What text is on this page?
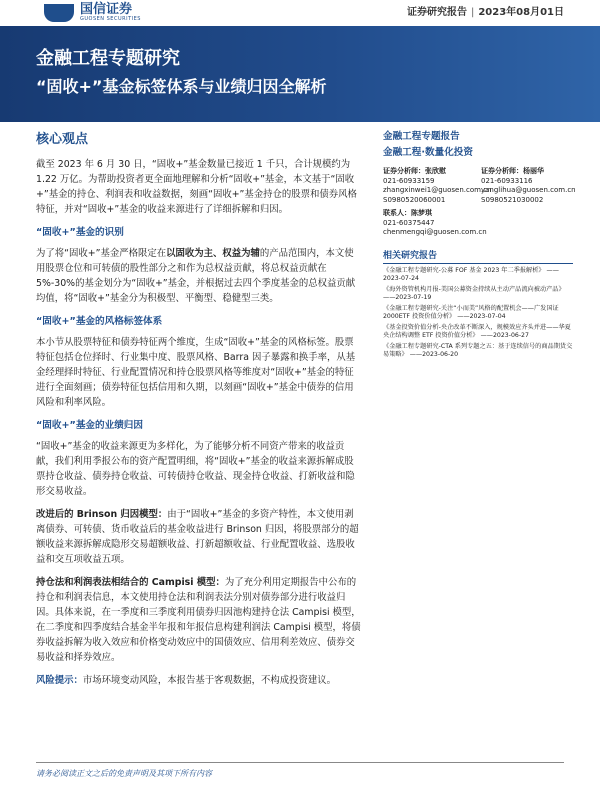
国信证券
GUOSEN SECURITIES
证券研究报告 | 2023年08月01日
金融工程专题研究
“固收+”基金标签体系与业绩归因全解析
核心观点

截至 2023 年 6 月 30 日，“固收+”基金数量已接近 1 千只，合计规模约为 1.22 万亿。为帮助投资者更全面地理解和分析“固收+”基金，本文基于“固收+”基金的持仓、利润表和收益数据，刻画“固收+”基金持仓的股票和债券风格特征，并对“固收+”基金的收益来源进行了详细拆解和归因。

“固收+”基金的识别

为了将“固收+”基金严格限定在以固收为主、权益为辅的产品范围内，本文使用股票仓位和可转债的股性部分之和作为总权益贡献，将总权益贡献在 5%-30%的基金划分为“固收+”基金，并根据过去四个季度基金的总权益贡献均值，将“固收+”基金分为积极型、平衡型、稳健型三类。

“固收+”基金的风格标签体系

本小节从股票特征和债券特征两个维度，生成“固收+”基金的风格标签。股票特征包括仓位择时、行业集中度、股票风格、Barra 因子暴露和换手率，从基金经理择时特征、行业配置情况和持仓股票风格等维度对“固收+”基金的特征进行全面刻画；债券特征包括信用和久期，以刻画“固收+”基金中债券的信用风险和利率风险。

“固收+”基金的业绩归因

“固收+”基金的收益来源更为多样化，为了能够分析不同资产带来的收益贡献，我们利用季报公布的资产配置明细，将“固收+”基金的收益来源拆解成股票持仓收益、债券持仓收益、可转债持仓收益、现金持仓收益、打新收益和隐形交易收益。

改进后的 Brinson 归因模型：由于“固收+”基金的多资产特性，本文使用剥离债券、可转债、货币收益后的基金收益进行 Brinson 归因，将股票部分的超额收益来源拆解成隐形交易超额收益、打新超额收益、行业配置收益、选股收益和交互项收益五项。

持仓法和利润表法相结合的 Campisi 模型：为了充分利用定期报告中公布的持仓和利润表信息，本文使用持仓法和利润表法分别对债券部分进行收益归因。具体来说，在一季度和三季度利用债券归因池构建持仓法 Campisi 模型，在二季度和四季度结合基金半年报和年报信息构建利润法 Campisi 模型，将债券收益拆解为收入效应和价格变动效应中的国债效应、信用利差效应、债券交易收益和择券效应。

风险提示：市场环境变动风险，本报告基于客观数据，不构成投资建议。
金融工程专题报告
金融工程·数量化投资
证券分析师：张欣慰
021-60933159
zhangxinwei1@guosen.com.cn
S0980520060001
证券分析师：杨丽华
021-60933116
yanglihua@guosen.com.cn
S0980521030002
联系人：陈梦琪
021-60375447
chenmengqi@guosen.com.cn
相关研究报告
《金融工程专题研究-公募 FOF 基金 2023 年二季报解析》 ——2023-07-24
《海外资管机构月报-美国公募资金持续从主动产品流向被动产品》 ——2023-07-19
《金融工程专题研究-关注“小而美”风格的配置机会——广发国证 2000ETF 投资价值分析》 ——2023-07-04
《基金投资价值分析-央企改革不断深入，规模效应齐头并进——华夏央企结构调整 ETF 投资价值分析》 ——2023-06-27
《金融工程专题研究-CTA 系列专题之五：基于连续信号的商品期货交易策略》 ——2023-06-20
请务必阅读正文之后的免责声明及其项下所有内容
